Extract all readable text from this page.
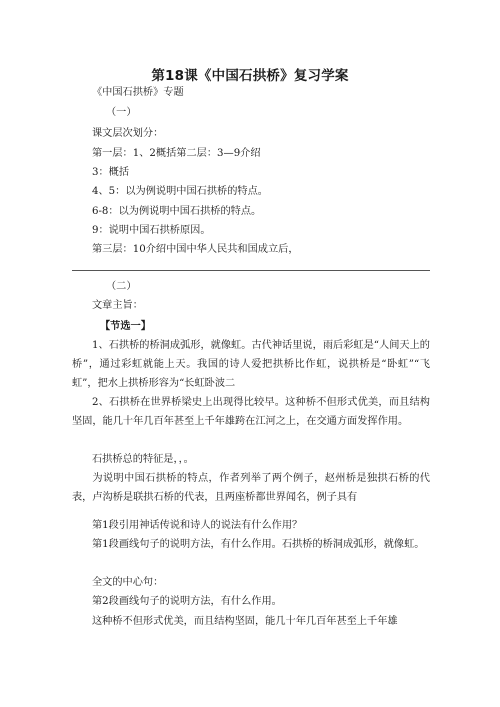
第18课《中国石拱桥》复习学案
《中国石拱桥》专题
（一）
课文层次划分：
第一层：1、2概括第二层：3—9介绍
3：概括
4、5：以为例说明中国石拱桥的特点。
6-8：以为例说明中国石拱桥的特点。
9：说明中国石拱桥原因。
第三层：10介绍中国中华人民共和国成立后，
（二）
文章主旨：
【节选一】
1、石拱桥的桥洞成弧形，就像虹。古代神话里说，雨后彩虹是“人间天上的桥”，通过彩虹就能上天。我国的诗人爱把拱桥比作虹，说拱桥是“卧虹”“飞虹”，把水上拱桥形容为“长虹卧波二
2、石拱桥在世界桥梁史上出现得比较早。这种桥不但形式优美，而且结构坚固，能几十年几百年甚至上千年雄跨在江河之上，在交通方面发挥作用。
石拱桥总的特征是，，。
为说明中国石拱桥的特点，作者列举了两个例子，赵州桥是独拱石桥的代表，卢沟桥是联拱石桥的代表，且两座桥都世界闻名，例子具有
第1段引用神话传说和诗人的说法有什么作用？
第1段画线句子的说明方法，有什么作用。石拱桥的桥洞成弧形，就像虹。
全文的中心句：
第2段画线句子的说明方法，有什么作用。
这种桥不但形式优美，而且结构坚固，能几十年几百年甚至上千年雄
